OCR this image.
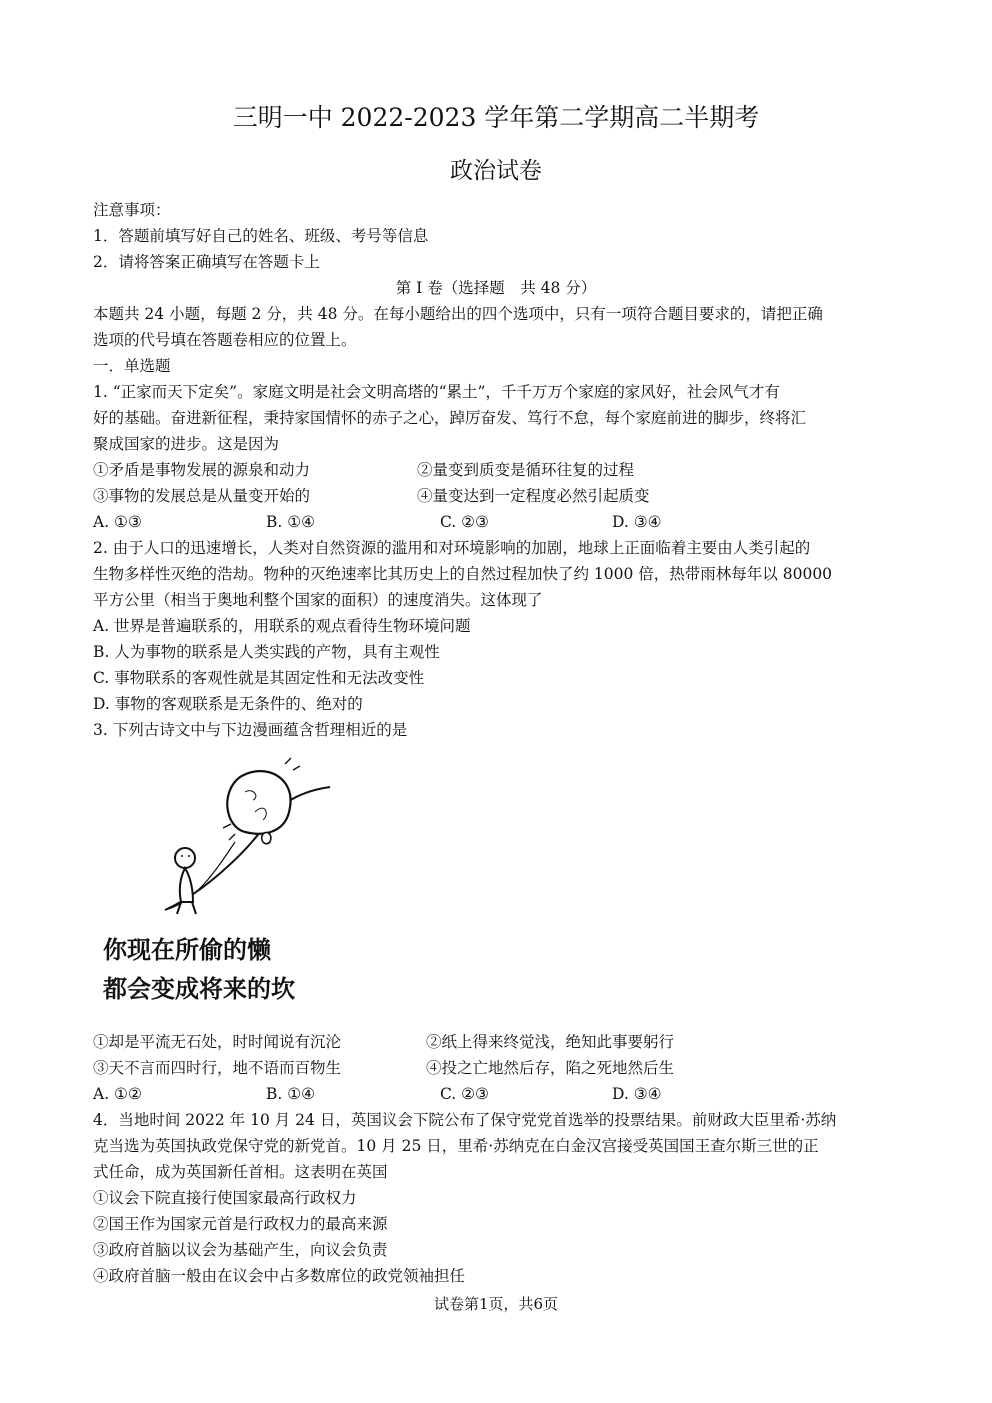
三明一中 2022-2023 学年第二学期高二半期考
政治试卷
注意事项：
1．答题前填写好自己的姓名、班级、考号等信息
2．请将答案正确填写在答题卡上
第 I 卷（选择题　共 48 分）
本题共 24 小题，每题 2 分，共 48 分。在每小题给出的四个选项中，只有一项符合题目要求的，请把正确
选项的代号填在答题卷相应的位置上。
一．单选题
1. “正家而天下定矣”。家庭文明是社会文明高塔的“累土”，千千万万个家庭的家风好，社会风气才有
好的基础。奋进新征程，秉持家国情怀的赤子之心，踔厉奋发、笃行不怠，每个家庭前进的脚步，终将汇
聚成国家的进步。这是因为
①矛盾是事物发展的源泉和动力	②量变到质变是循环往复的过程
③事物的发展总是从量变开始的	④量变达到一定程度必然引起质变
A. ①③	B. ①④	C. ②③	D. ③④
2. 由于人口的迅速增长，人类对自然资源的滥用和对环境影响的加剧，地球上正面临着主要由人类引起的
生物多样性灭绝的浩劫。物种的灭绝速率比其历史上的自然过程加快了约 1000 倍，热带雨林每年以 80000
平方公里（相当于奥地利整个国家的面积）的速度消失。这体现了
A. 世界是普遍联系的，用联系的观点看待生物环境问题
B. 人为事物的联系是人类实践的产物，具有主观性
C. 事物联系的客观性就是其固定性和无法改变性
D. 事物的客观联系是无条件的、绝对的
3. 下列古诗文中与下边漫画蕴含哲理相近的是
你现在所偷的懒
都会变成将来的坎
①却是平流无石处，时时闻说有沉沦	②纸上得来终觉浅，绝知此事要躬行
③天不言而四时行，地不语而百物生	④投之亡地然后存，陷之死地然后生
A. ①②	B. ①④	C. ②③	D. ③④
4．当地时间 2022 年 10 月 24 日，英国议会下院公布了保守党党首选举的投票结果。前财政大臣里希·苏纳
克当选为英国执政党保守党的新党首。10 月 25 日，里希·苏纳克在白金汉宫接受英国国王查尔斯三世的正
式任命，成为英国新任首相。这表明在英国
①议会下院直接行使国家最高行政权力
②国王作为国家元首是行政权力的最高来源
③政府首脑以议会为基础产生，向议会负责
④政府首脑一般由在议会中占多数席位的政党领袖担任
试卷第1页，共6页
